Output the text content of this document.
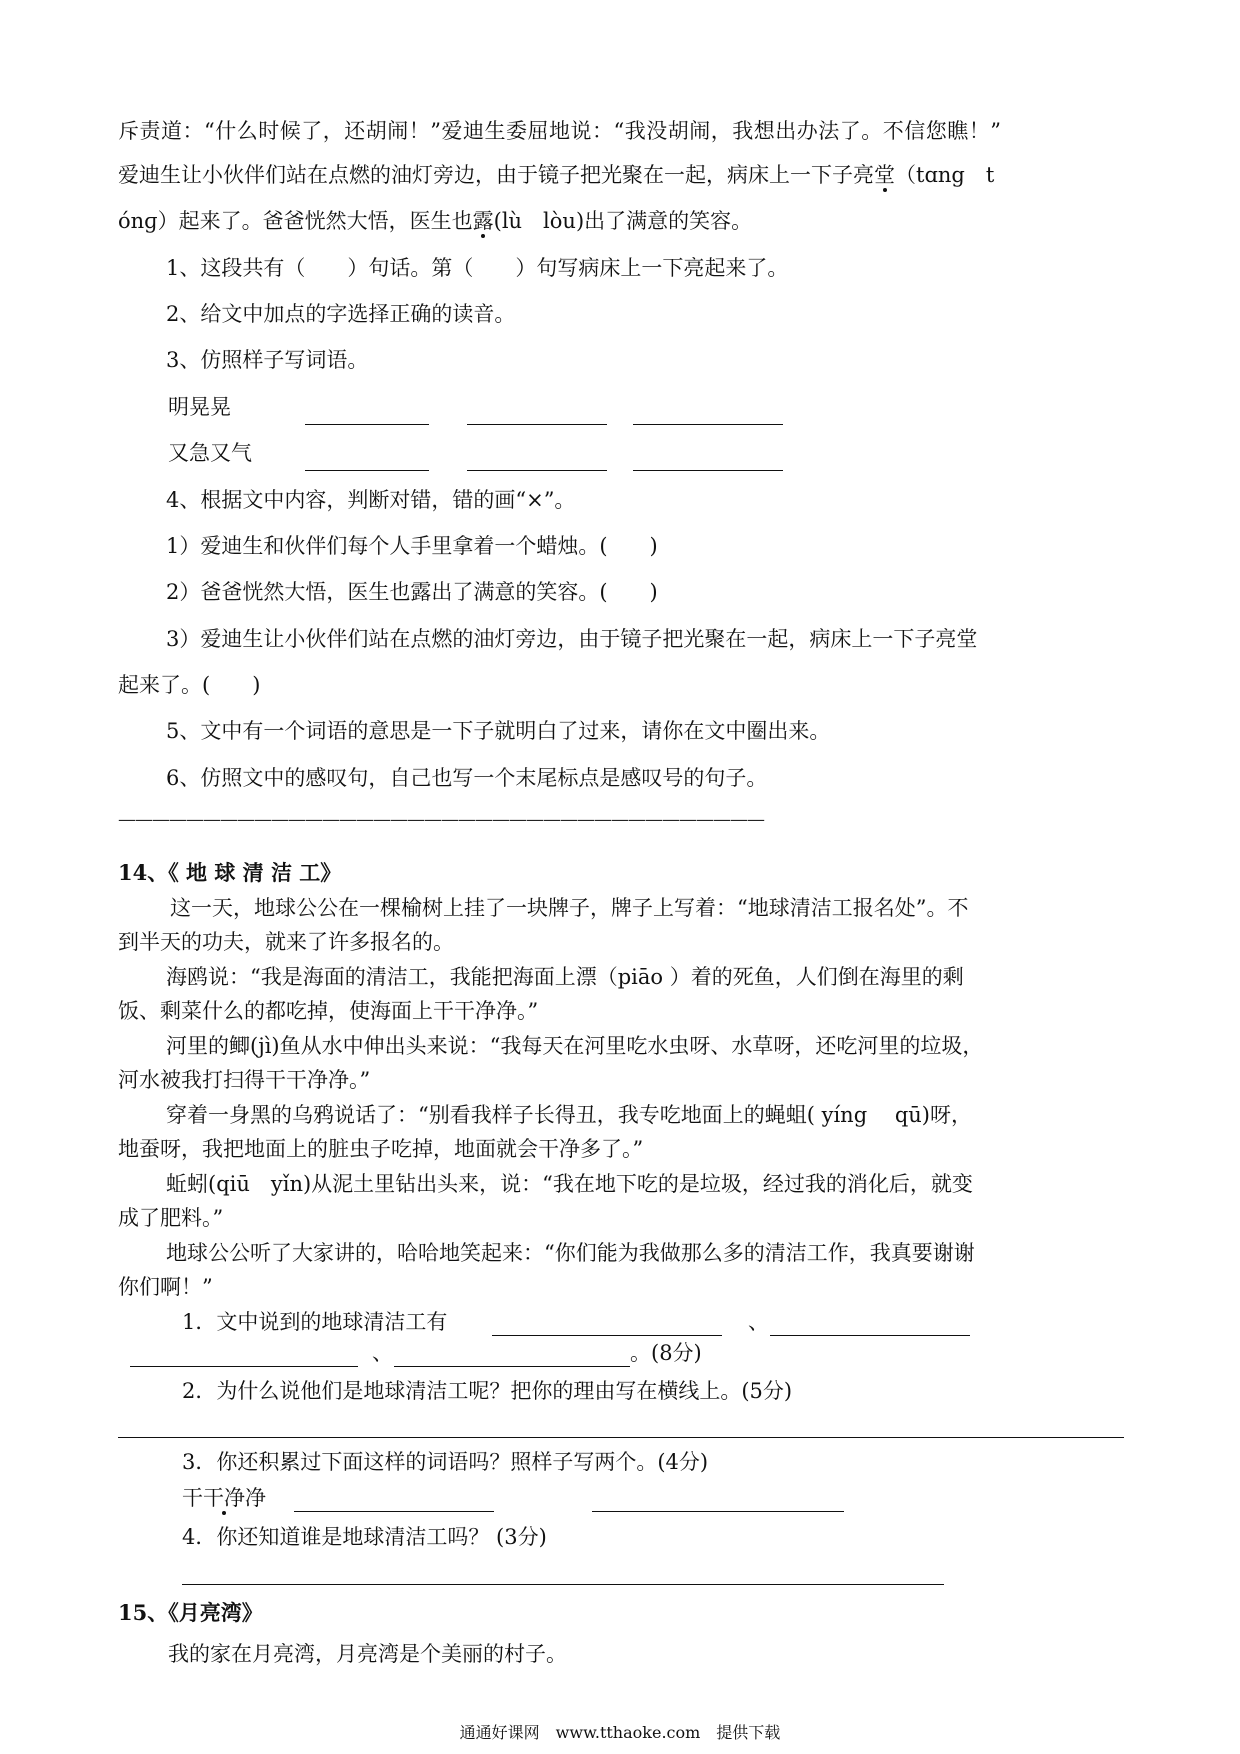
斥责道：“什么时候了，还胡闹！”爱迪生委屈地说：“我没胡闹，我想出办法了。不信您瞧！”
爱迪生让小伙伴们站在点燃的油灯旁边，由于镜子把光聚在一起，病床上一下子亮堂（tɑng　t
ónɡ）起来了。爸爸恍然大悟，医生也露(lù　lòu)出了满意的笑容。
1、这段共有（　　）句话。第（　　）句写病床上一下亮起来了。
2、给文中加点的字选择正确的读音。
3、仿照样子写词语。
明晃晃
又急又气
4、根据文中内容，判断对错，错的画“×”。
1）爱迪生和伙伴们每个人手里拿着一个蜡烛。(　　)
2）爸爸恍然大悟，医生也露出了满意的笑容。(　　)
3）爱迪生让小伙伴们站在点燃的油灯旁边，由于镜子把光聚在一起，病床上一下子亮堂
起来了。(　　)
5、文中有一个词语的意思是一下子就明白了过来，请你在文中圈出来。
6、仿照文中的感叹句，自己也写一个末尾标点是感叹号的句子。
——————————————————————————————————————
14、《 地 球 清 洁 工》
这一天，地球公公在一棵榆树上挂了一块牌子，牌子上写着：“地球清洁工报名处”。不
到半天的功夫，就来了许多报名的。
海鸥说：“我是海面的清洁工，我能把海面上漂（piāo ）着的死鱼，人们倒在海里的剩
饭、剩菜什么的都吃掉，使海面上干干净净。”
河里的鲫(jì)鱼从水中伸出头来说：“我每天在河里吃水虫呀、水草呀，还吃河里的垃圾，
河水被我打扫得干干净净。”
穿着一身黑的乌鸦说话了：“别看我样子长得丑，我专吃地面上的蝇蛆( yíng　 qū)呀，
地蚕呀，我把地面上的脏虫子吃掉，地面就会干净多了。”
蚯蚓(qiū　yǐn)从泥土里钻出头来，说：“我在地下吃的是垃圾，经过我的消化后，就变
成了肥料。”
地球公公听了大家讲的，哈哈地笑起来：“你们能为我做那么多的清洁工作，我真要谢谢
你们啊！”
1．文中说到的地球清洁工有	、
、	。(8分)
2．为什么说他们是地球清洁工呢？把你的理由写在横线上。(5分)
3．你还积累过下面这样的词语吗？照样子写两个。(4分)
干干净净
4．你还知道谁是地球清洁工吗？ (3分)
15、《月亮湾》
我的家在月亮湾，月亮湾是个美丽的村子。
通通好课网　www.tthaoke.com　提供下载
